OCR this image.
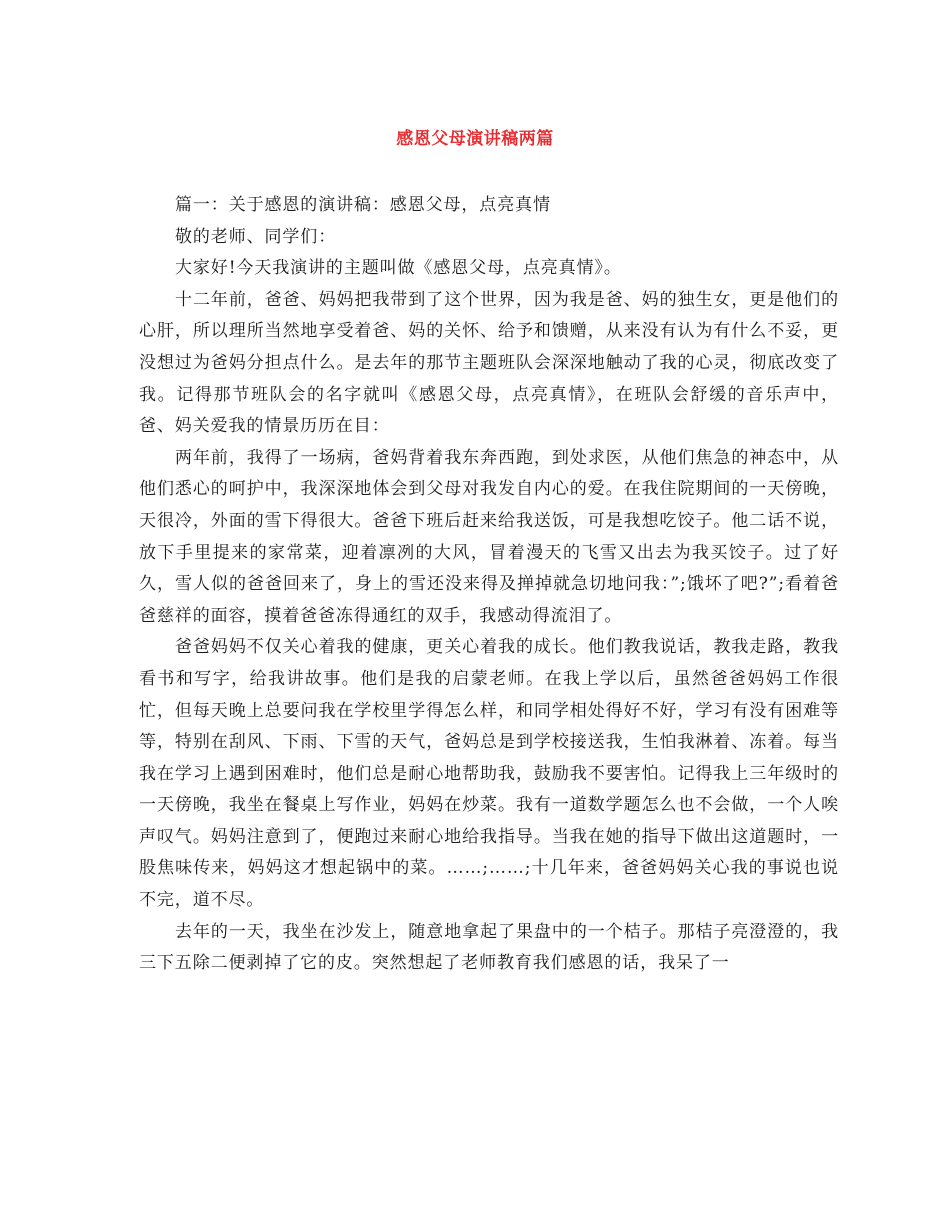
感恩父母演讲稿两篇

篇一：关于感恩的演讲稿：感恩父母，点亮真情

敬的老师、同学们：

大家好!今天我演讲的主题叫做《感恩父母，点亮真情》。

十二年前，爸爸、妈妈把我带到了这个世界，因为我是爸、妈的独生女，更是他们的心肝，所以理所当然地享受着爸、妈的关怀、给予和馈赠，从来没有认为有什么不妥，更没想过为爸妈分担点什么。是去年的那节主题班队会深深地触动了我的心灵，彻底改变了我。记得那节班队会的名字就叫《感恩父母，点亮真情》，在班队会舒缓的音乐声中，爸、妈关爱我的情景历历在目：

两年前，我得了一场病，爸妈背着我东奔西跑，到处求医，从他们焦急的神态中，从他们悉心的呵护中，我深深地体会到父母对我发自内心的爱。在我住院期间的一天傍晚，天很冷，外面的雪下得很大。爸爸下班后赶来给我送饭，可是我想吃饺子。他二话不说，放下手里提来的家常菜，迎着凛冽的大风，冒着漫天的飞雪又出去为我买饺子。过了好久，雪人似的爸爸回来了，身上的雪还没来得及掸掉就急切地问我：”;饿坏了吧?”;看着爸爸慈祥的面容，摸着爸爸冻得通红的双手，我感动得流泪了。

爸爸妈妈不仅关心着我的健康，更关心着我的成长。他们教我说话，教我走路，教我看书和写字，给我讲故事。他们是我的启蒙老师。在我上学以后，虽然爸爸妈妈工作很忙，但每天晚上总要问我在学校里学得怎么样，和同学相处得好不好，学习有没有困难等等，特别在刮风、下雨、下雪的天气，爸妈总是到学校接送我，生怕我淋着、冻着。每当我在学习上遇到困难时，他们总是耐心地帮助我，鼓励我不要害怕。记得我上三年级时的一天傍晚，我坐在餐桌上写作业，妈妈在炒菜。我有一道数学题怎么也不会做，一个人唉声叹气。妈妈注意到了，便跑过来耐心地给我指导。当我在她的指导下做出这道题时，一股焦味传来，妈妈这才想起锅中的菜。……;……;十几年来，爸爸妈妈关心我的事说也说不完，道不尽。

去年的一天，我坐在沙发上，随意地拿起了果盘中的一个桔子。那桔子亮澄澄的，我三下五除二便剥掉了它的皮。突然想起了老师教育我们感恩的话，我呆了一
